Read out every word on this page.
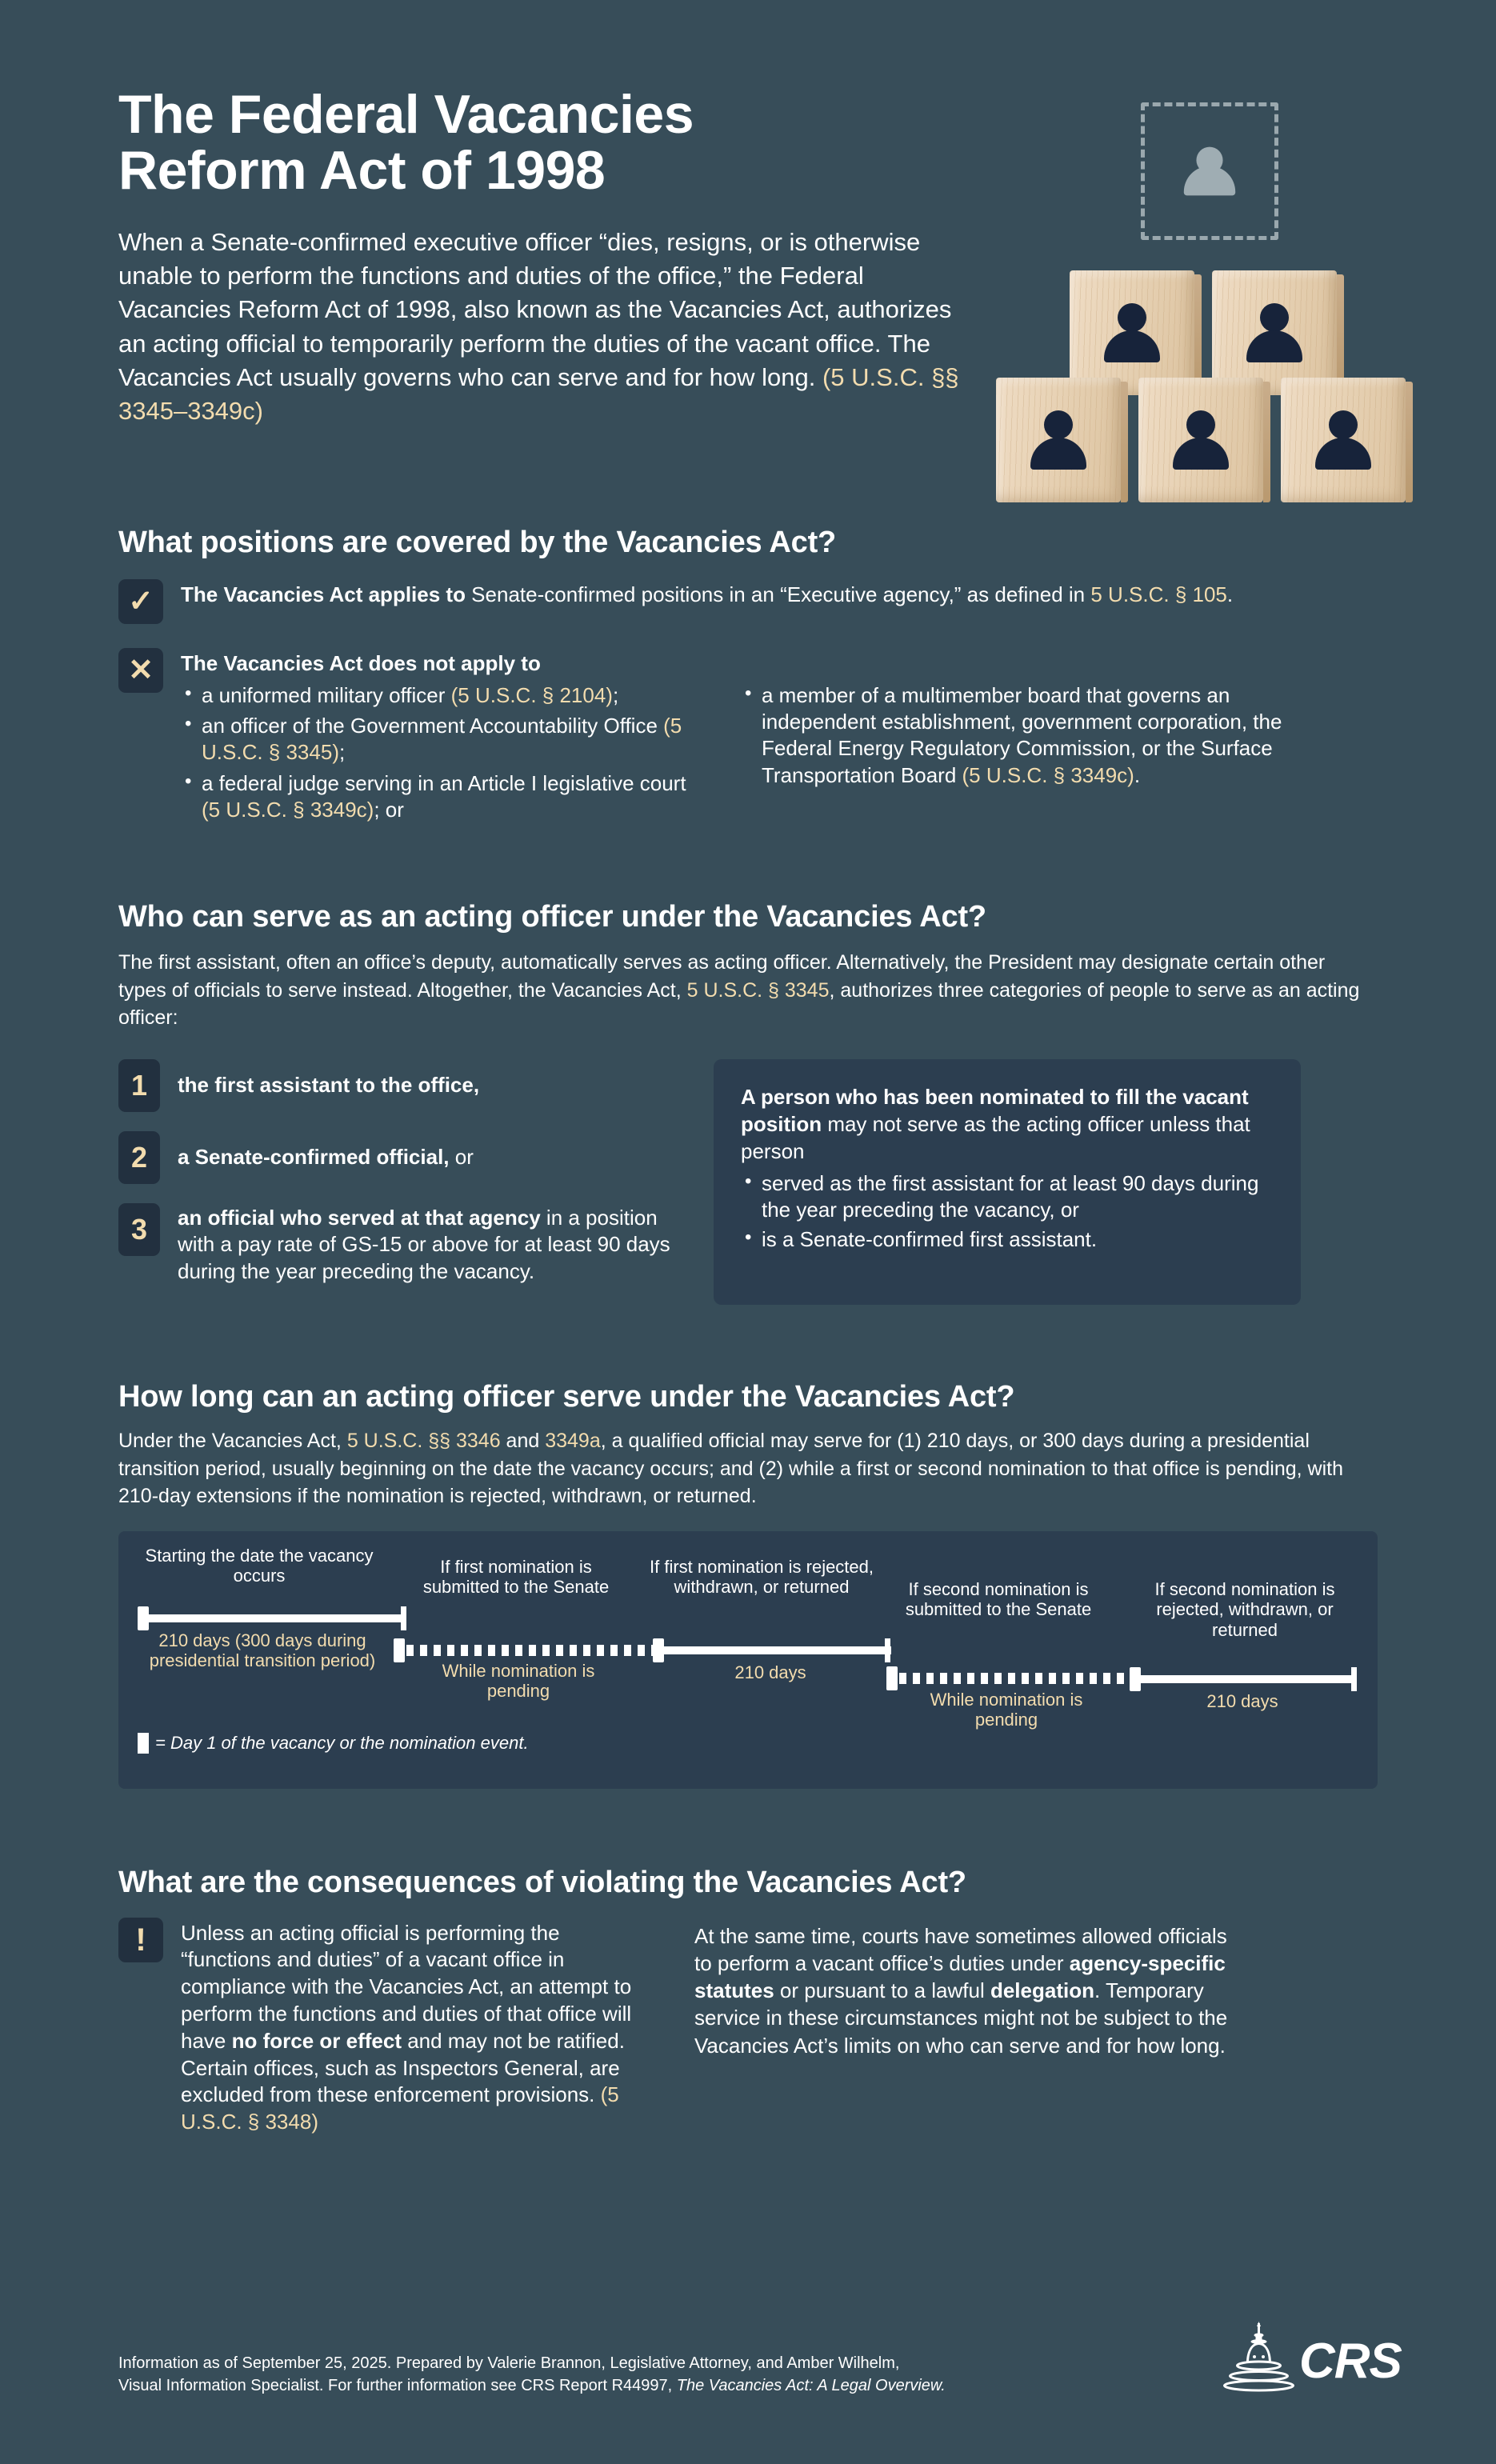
The Federal Vacancies
Reform Act of 1998

When a Senate-confirmed executive officer “dies, resigns, or is otherwise unable to perform the functions and duties of the office,” the Federal Vacancies Reform Act of 1998, also known as the Vacancies Act, authorizes an acting official to temporarily perform the duties of the vacant office. The Vacancies Act usually governs who can serve and for how long. (5 U.S.C. §§ 3345–3349c)

What positions are covered by the Vacancies Act?
✓	The Vacancies Act applies to Senate-confirmed positions in an “Executive agency,” as defined in 5 U.S.C. § 105.
✕	The Vacancies Act does not apply to
• a uniformed military officer (5 U.S.C. § 2104);
• an officer of the Government Accountability Office (5 U.S.C. § 3345);
• a federal judge serving in an Article I legislative court (5 U.S.C. § 3349c); or
• a member of a multimember board that governs an independent establishment, government corporation, the Federal Energy Regulatory Commission, or the Surface Transportation Board (5 U.S.C. § 3349c).
Who can serve as an acting officer under the Vacancies Act?

The first assistant, often an office’s deputy, automatically serves as acting officer. Alternatively, the President may designate certain other types of officials to serve instead. Altogether, the Vacancies Act, 5 U.S.C. § 3345, authorizes three categories of people to serve as an acting officer:

1	the first assistant to the office,
2	a Senate-confirmed official, or
3	an official who served at that agency in a position with a pay rate of GS-15 or above for at least 90 days during the year preceding the vacancy.
A person who has been nominated to fill the vacant position may not serve as the acting officer unless that person
• served as the first assistant for at least 90 days during the year preceding the vacancy, or
• is a Senate-confirmed first assistant.
How long can an acting officer serve under the Vacancies Act?

Under the Vacancies Act, 5 U.S.C. §§ 3346 and 3349a, a qualified official may serve for (1) 210 days, or 300 days during a presidential transition period, usually beginning on the date the vacancy occurs; and (2) while a first or second nomination to that office is pending, with 210-day extensions if the nomination is rejected, withdrawn, or returned.

Starting the date the vacancy occurs
210 days (300 days during presidential transition period)
If first nomination is submitted to the Senate
While nomination is pending
If first nomination is rejected, withdrawn, or returned
210 days
If second nomination is submitted to the Senate
While nomination is pending
If second nomination is rejected, withdrawn, or returned
210 days
= Day 1 of the vacancy or the nomination event.
What are the consequences of violating the Vacancies Act?
!	Unless an acting official is performing the “functions and duties” of a vacant office in compliance with the Vacancies Act, an attempt to perform the functions and duties of that office will have no force or effect and may not be ratified. Certain offices, such as Inspectors General, are excluded from these enforcement provisions. (5 U.S.C. § 3348)
At the same time, courts have sometimes allowed officials to perform a vacant office’s duties under agency-specific statutes or pursuant to a lawful delegation. Temporary service in these circumstances might not be subject to the Vacancies Act’s limits on who can serve and for how long.
Information as of September 25, 2025. Prepared by Valerie Brannon, Legislative Attorney, and Amber Wilhelm,
Visual Information Specialist. For further information see CRS Report R44997, The Vacancies Act: A Legal Overview.	CRS
